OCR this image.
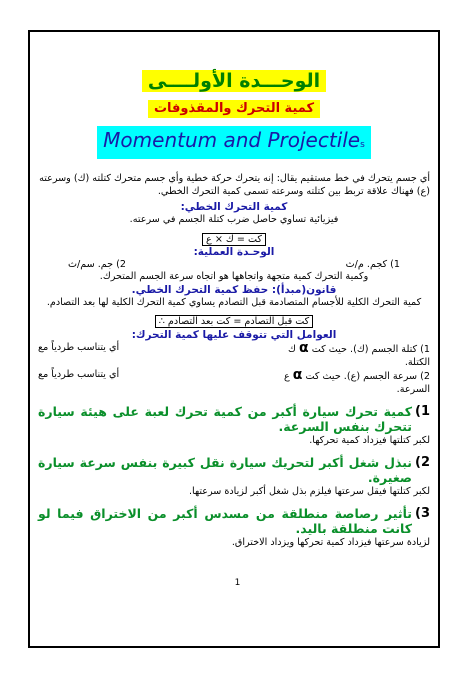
الوحـــدة الأولــــى
كمية التحرك والمقذوفات
Momentum and Projectiles

أي جسم يتحرك في خط مستقيم يقال: إنه يتحرك حركة خطية وأي جسم متحرك كتلته (ك) وسرعته (ع) فهناك علاقة تربط بين كتلته وسرعته تسمى كمية التحرك الخطي.

كمية التحرك الخطي:

فيزيائية تساوي حاصل ضرب كتلة الجسم في سرعته.

كت = ك × ع

الوحـدة العملية:

1) كجم. م/ث
2) جم. سم/ث

وكمية التحرك كمية متجهة واتجاهها هو اتجاه سرعة الجسم المتحرك.

قانون(مبدأ): حفظ كمية التحرك الخطي.

كمية التحرك الكلية للأجسام المتصادمة قبل التصادم يساوي كمية التحرك الكلية لها بعد التصادم.

كت قبل التصادم = كت بعد التصادم ∴

العوامل التي تتوقف عليها كمية التحرك:

1) كتلة الجسم (ك). حيث كت α ك
أي يتناسب طردياً مع

الكتلة.

2) سرعة الجسم (ع). حيث كت α ع
أي يتناسب طردياً مع

السرعة.

1)
كمية تحرك سيارة أكبر من كمية تحرك لعبة على هيئة سيارة تتحرك بنفس السرعة.

لكبر كتلتها فيزداد كمية تحركها.

2)
نبذل شغل أكبر لتحريك سيارة نقل كبيرة بنفس سرعة سيارة صغيرة.

لكبر كتلتها فيقل سرعتها فيلزم بذل شغل أكبر لزيادة سرعتها.

3)
تأثير رصاصة منطلقة من مسدس أكبر من الاختراق فيما لو كانت منطلقة باليد.

لزيادة سرعتها فيزداد كمية تحركها ويزداد الاختراق.

1
